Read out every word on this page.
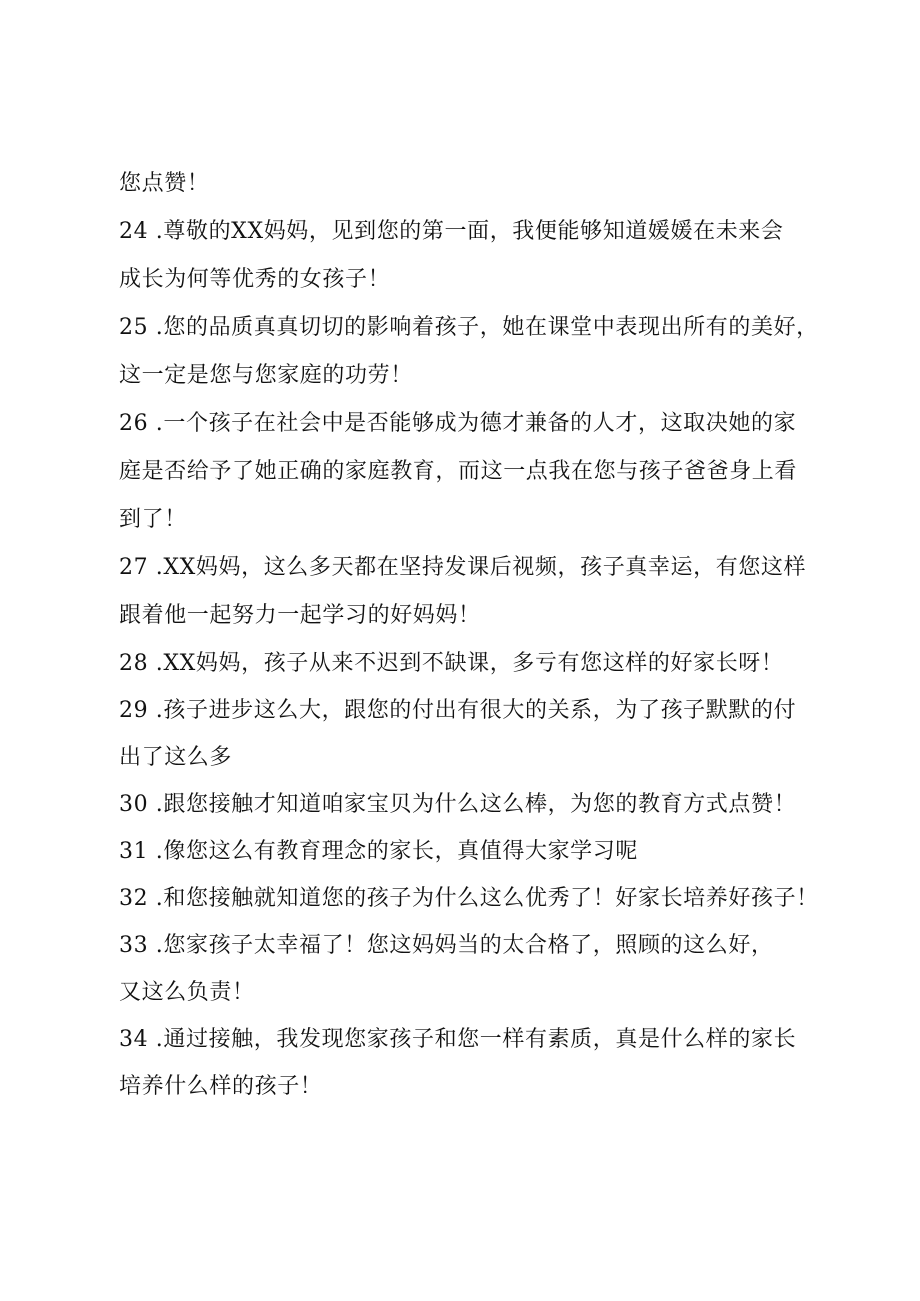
您点赞！
24 .尊敬的XX妈妈，见到您的第一面，我便能够知道媛媛在未来会
成长为何等优秀的女孩子！
25 .您的品质真真切切的影响着孩子，她在课堂中表现出所有的美好，
这一定是您与您家庭的功劳！
26 .一个孩子在社会中是否能够成为德才兼备的人才，这取决她的家
庭是否给予了她正确的家庭教育，而这一点我在您与孩子爸爸身上看
到了！
27 .XX妈妈，这么多天都在坚持发课后视频，孩子真幸运，有您这样
跟着他一起努力一起学习的好妈妈！
28 .XX妈妈，孩子从来不迟到不缺课，多亏有您这样的好家长呀！
29 .孩子进步这么大，跟您的付出有很大的关系，为了孩子默默的付
出了这么多
30 .跟您接触才知道咱家宝贝为什么这么棒，为您的教育方式点赞！
31 .像您这么有教育理念的家长，真值得大家学习呢
32 .和您接触就知道您的孩子为什么这么优秀了！好家长培养好孩子！
33 .您家孩子太幸福了！您这妈妈当的太合格了，照顾的这么好，
又这么负责！
34 .通过接触，我发现您家孩子和您一样有素质，真是什么样的家长
培养什么样的孩子！
